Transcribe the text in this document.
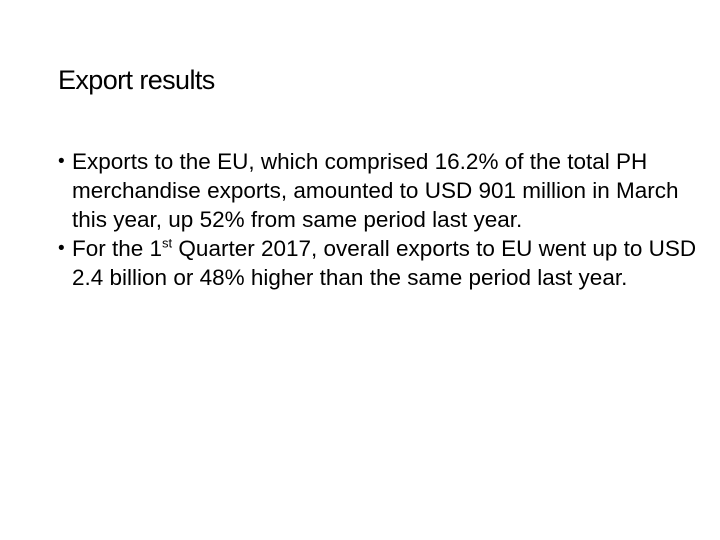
Export results
• Exports to the EU, which comprised 16.2% of the total PH merchandise exports, amounted to USD 901 million in March this year, up 52% from same period last year.
• For the 1st Quarter 2017, overall exports to EU went up to USD 2.4 billion or 48% higher than the same period last year.
